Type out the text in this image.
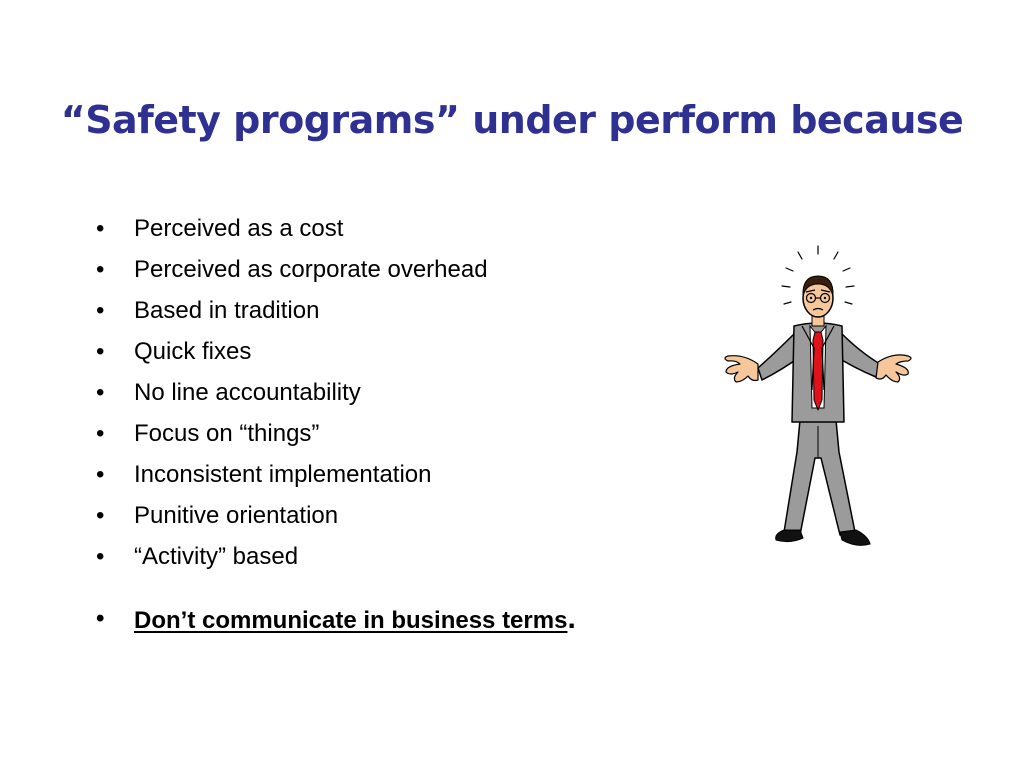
“Safety programs” under perform because
• Perceived as a cost
• Perceived as corporate overhead
• Based in tradition
• Quick fixes
• No line accountability
• Focus on “things”
• Inconsistent implementation
• Punitive orientation
• “Activity” based
• Don’t communicate in business terms.
